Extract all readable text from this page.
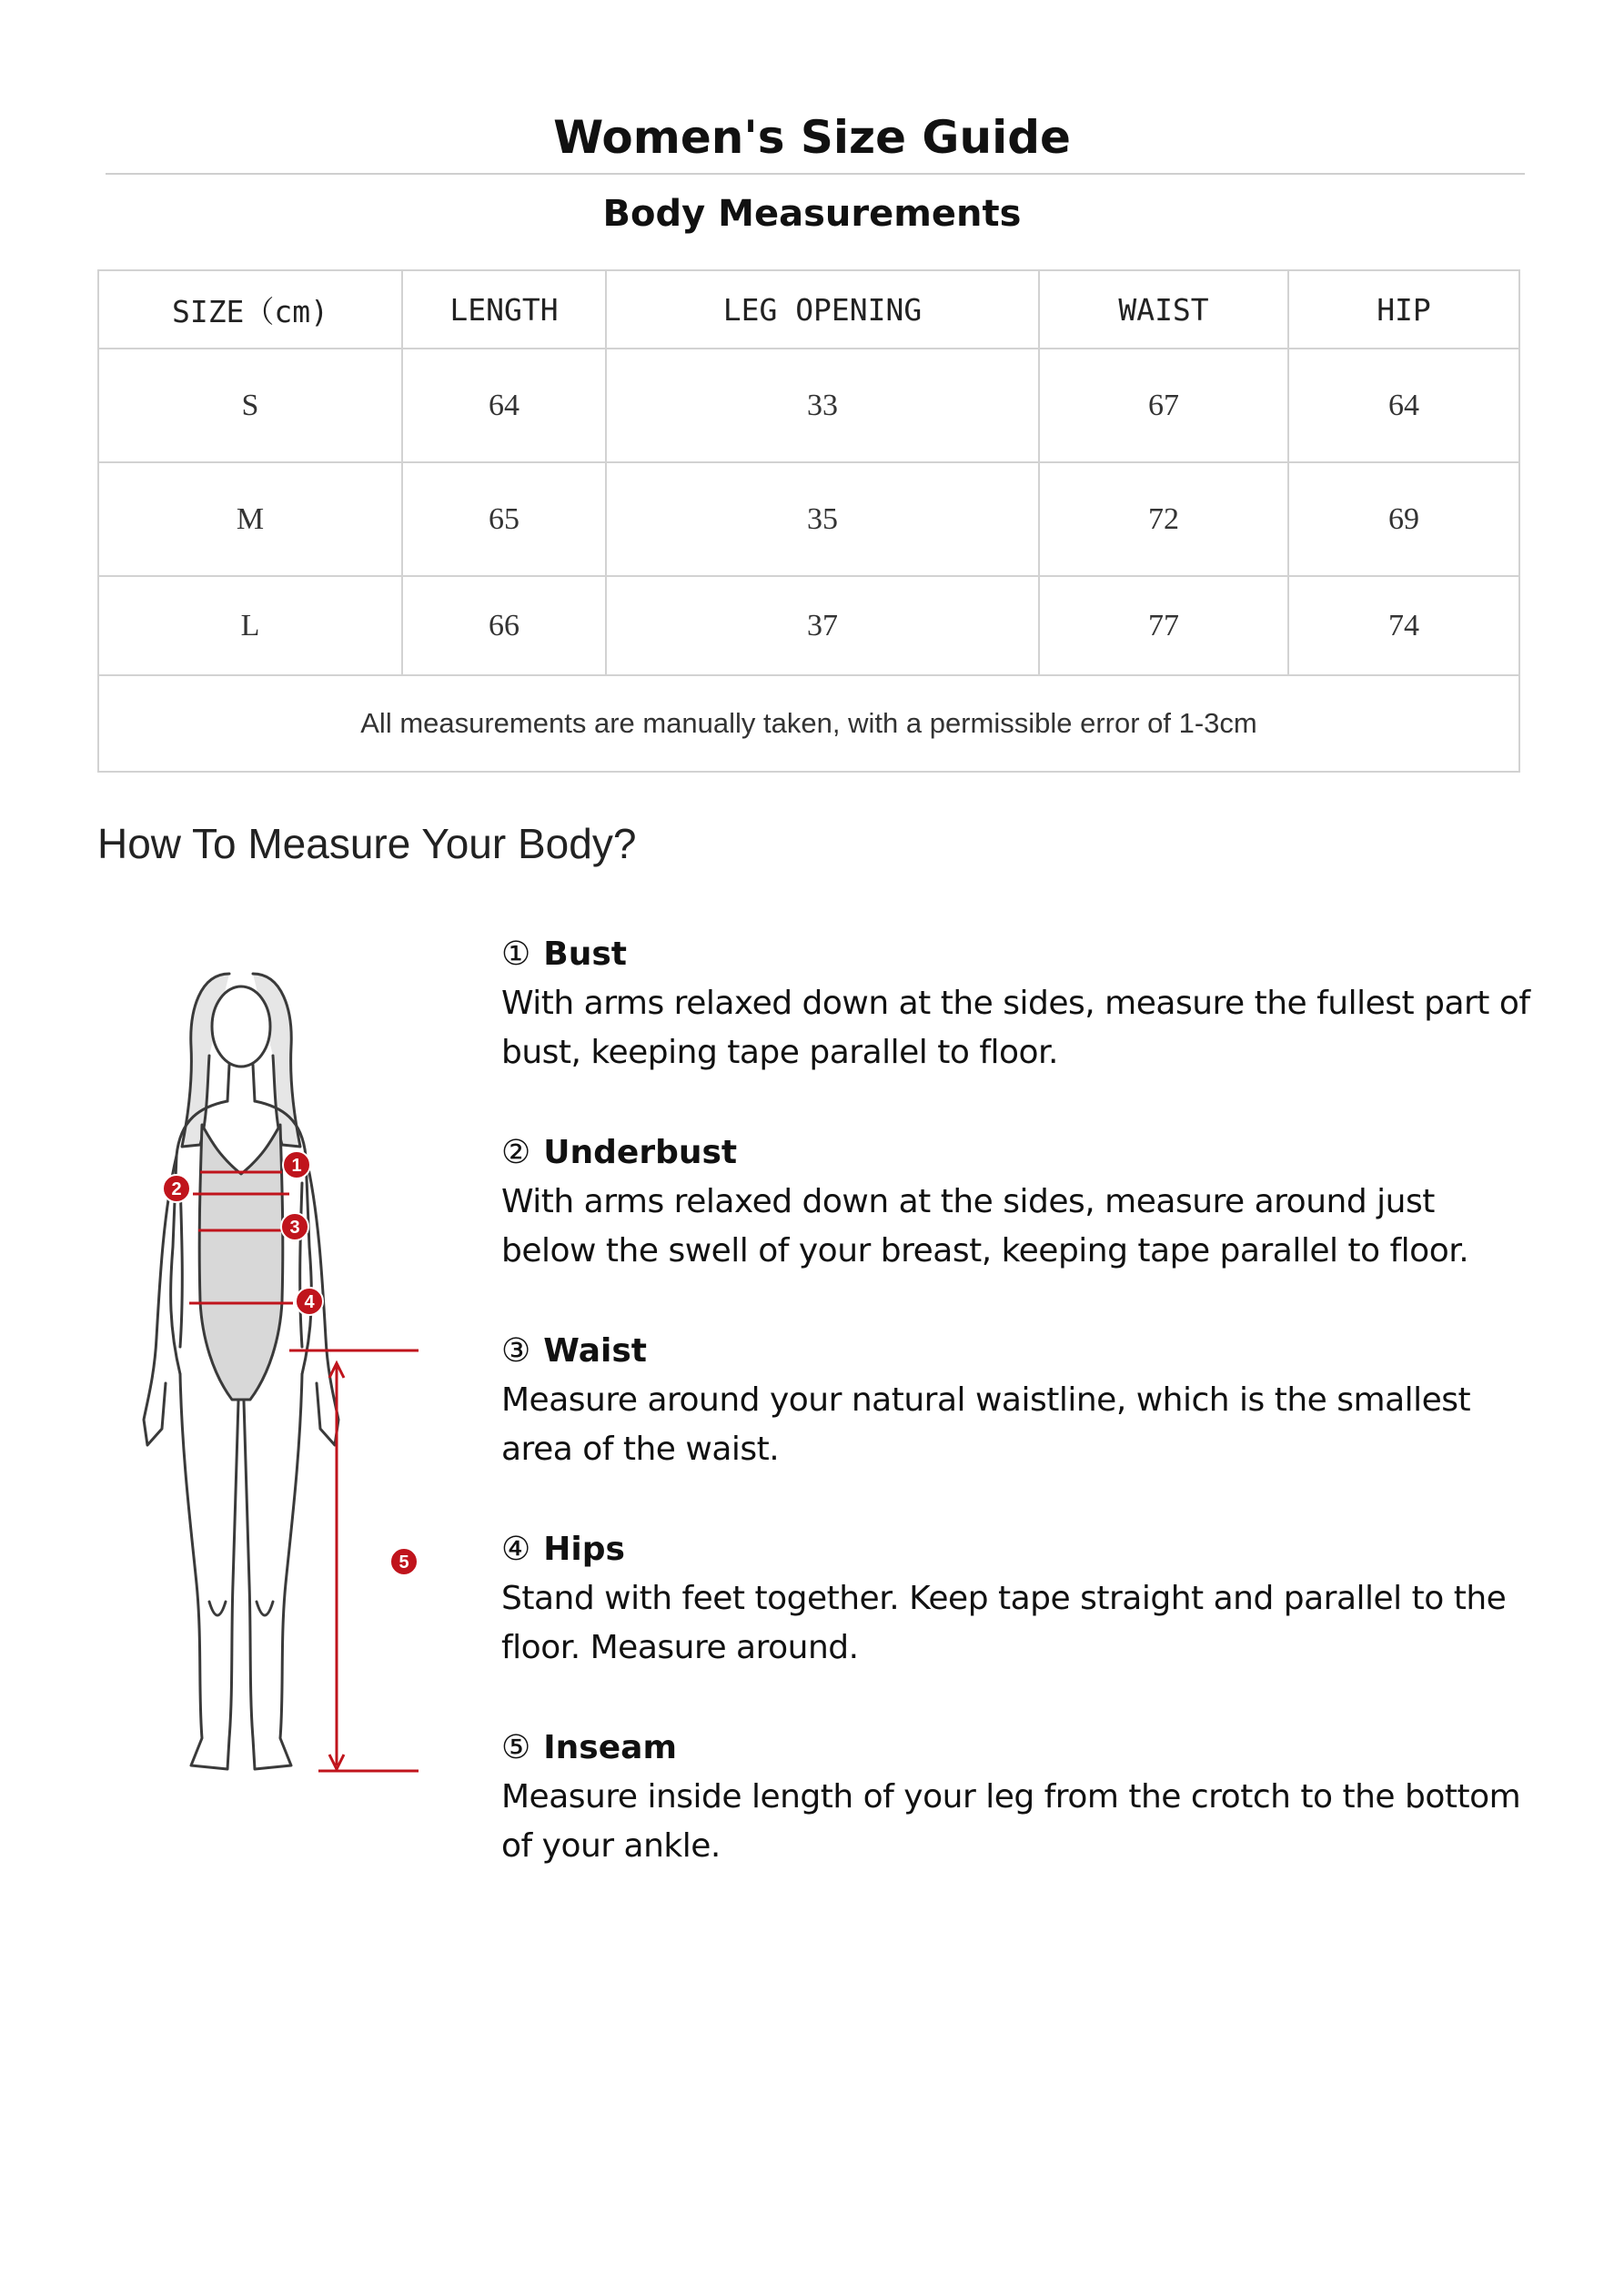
Women's Size Guide
Body Measurements
SIZE（cm)	LENGTH	LEG OPENING	WAIST	HIP
S	64	33	67	64
M	65	35	72	69
L	66	37	77	74
All measurements are manually taken, with a permissible error of 1-3cm				
How To Measure Your Body?
1
2
3
4
5
① Bust
With arms relaxed down at the sides, measure the fullest part of bust, keeping tape parallel to floor.
② Underbust
With arms relaxed down at the sides, measure around just below the swell of your breast, keeping tape parallel to floor.
③ Waist
Measure around your natural waistline, which is the smallest area of the waist.
④ Hips
Stand with feet together. Keep tape straight and parallel to the floor. Measure around.
⑤ Inseam
Measure inside length of your leg from the crotch to the bottom of your ankle.
